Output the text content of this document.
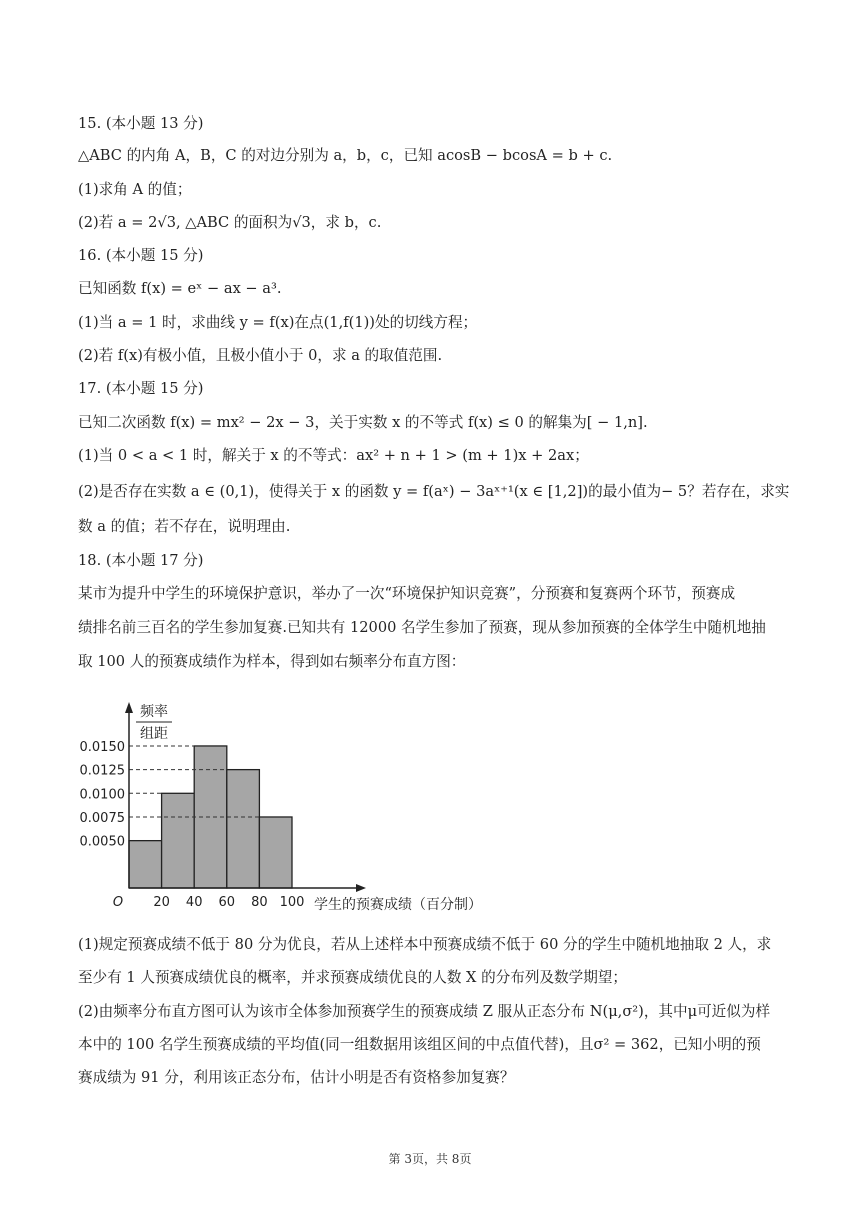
15. (本小题 13 分)
△ABC 的内角 A，B，C 的对边分别为 a，b，c，已知 acosB − bcosA = b + c.
(1)求角 A 的值；
(2)若 a = 2√3, △ABC 的面积为√3，求 b，c.
16. (本小题 15 分)
已知函数 f(x) = eˣ − ax − a³.
(1)当 a = 1 时，求曲线 y = f(x)在点(1,f(1))处的切线方程；
(2)若 f(x)有极小值，且极小值小于 0，求 a 的取值范围.
17. (本小题 15 分)
已知二次函数 f(x) = mx² − 2x − 3，关于实数 x 的不等式 f(x) ≤ 0 的解集为[ − 1,n].
(1)当 0 < a < 1 时，解关于 x 的不等式：ax² + n + 1 > (m + 1)x + 2ax；
(2)是否存在实数 a ∈ (0,1)，使得关于 x 的函数 y = f(aˣ) − 3aˣ⁺¹(x ∈ [1,2])的最小值为− 5？若存在，求实
数 a 的值；若不存在，说明理由.
18. (本小题 17 分)
某市为提升中学生的环境保护意识，举办了一次“环境保护知识竞赛”，分预赛和复赛两个环节，预赛成
绩排名前三百名的学生参加复赛.已知共有 12000 名学生参加了预赛，现从参加预赛的全体学生中随机地抽
取 100 人的预赛成绩作为样本，得到如右频率分布直方图：
频率
组距
0.0050
0.0075
0.0100
0.0125
0.0150
20 40 60 80 100
O	学生的预赛成绩（百分制）
(1)规定预赛成绩不低于 80 分为优良，若从上述样本中预赛成绩不低于 60 分的学生中随机地抽取 2 人，求
至少有 1 人预赛成绩优良的概率，并求预赛成绩优良的人数 X 的分布列及数学期望；
(2)由频率分布直方图可认为该市全体参加预赛学生的预赛成绩 Z 服从正态分布 N(μ,σ²)，其中μ可近似为样
本中的 100 名学生预赛成绩的平均值(同一组数据用该组区间的中点值代替)，且σ² = 362，已知小明的预
赛成绩为 91 分，利用该正态分布，估计小明是否有资格参加复赛？
第 3页，共 8页
